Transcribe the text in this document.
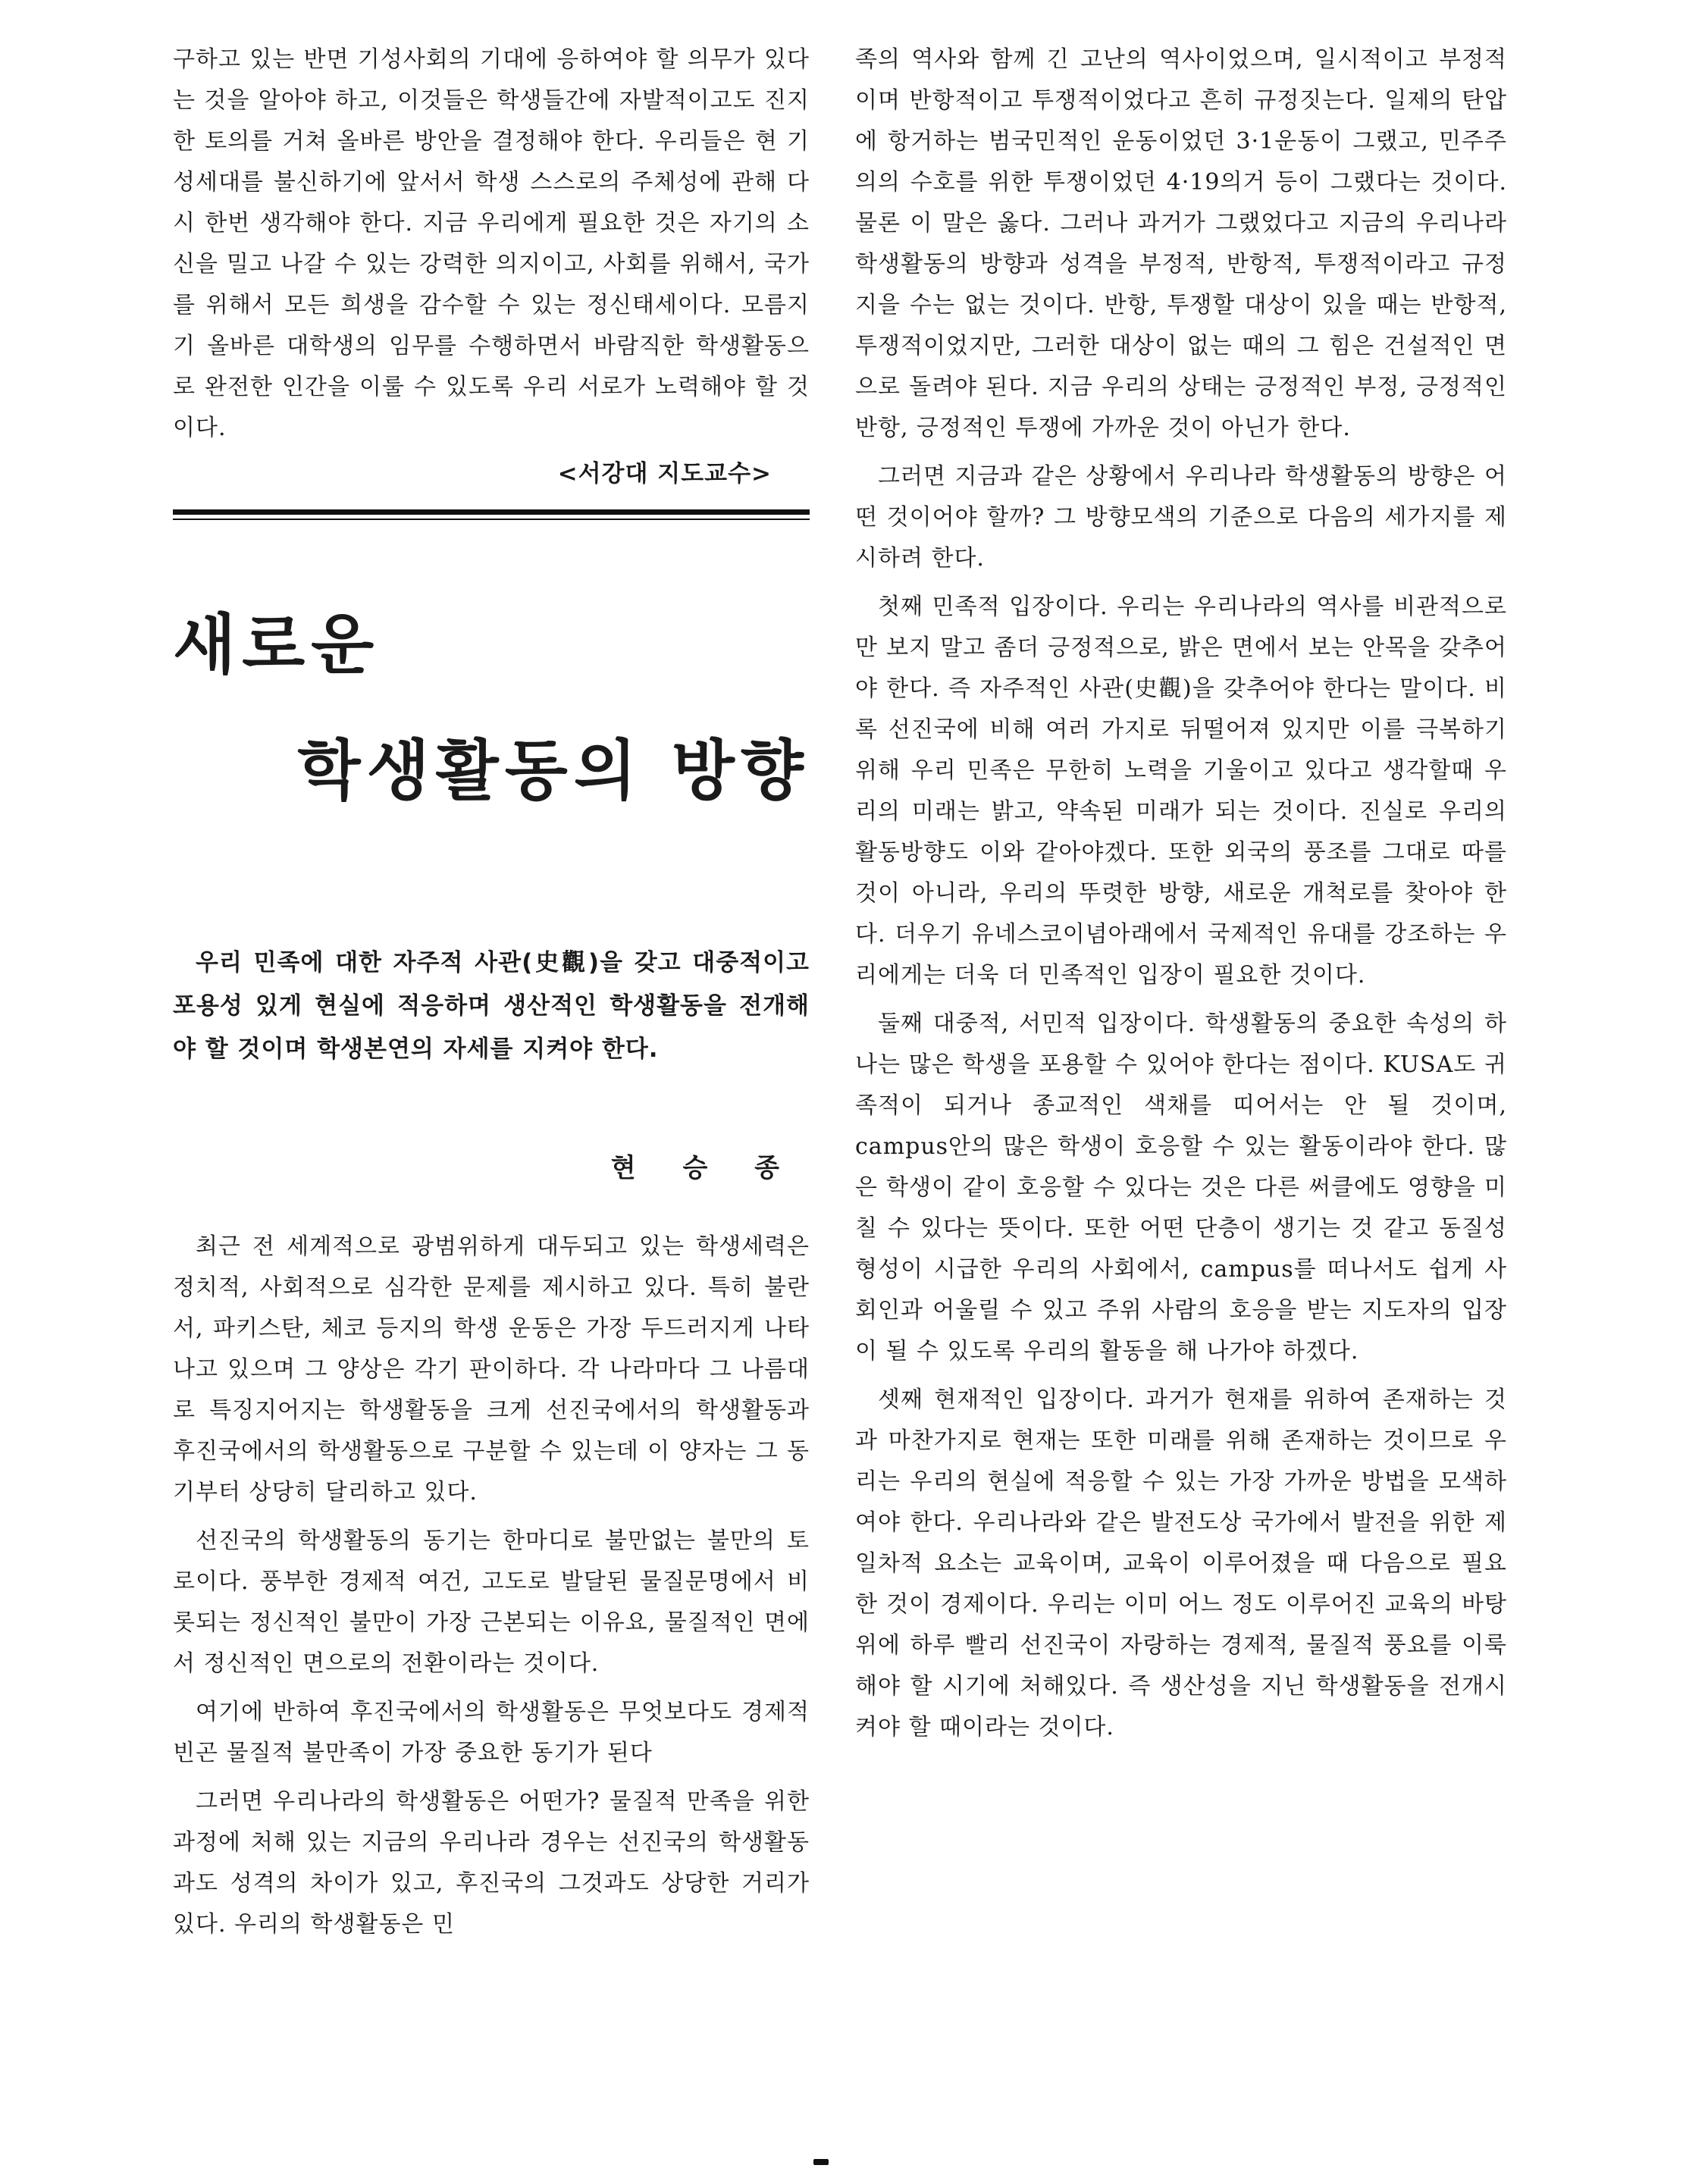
구하고 있는 반면 기성사회의 기대에 응하여야 할 의무가 있다는 것을 알아야 하고, 이것들은 학생들간에 자발적이고도 진지한 토의를 거쳐 올바른 방안을 결정해야 한다. 우리들은 현 기성세대를 불신하기에 앞서서 학생 스스로의 주체성에 관해 다시 한번 생각해야 한다. 지금 우리에게 필요한 것은 자기의 소신을 밀고 나갈 수 있는 강력한 의지이고, 사회를 위해서, 국가를 위해서 모든 희생을 감수할 수 있는 정신태세이다. 모름지기 올바른 대학생의 임무를 수행하면서 바람직한 학생활동으로 완전한 인간을 이룰 수 있도록 우리 서로가 노력해야 할 것이다.

<서강대 지도교수>
새로운
학생활동의 방향

우리 민족에 대한 자주적 사관(史觀)을 갖고 대중적이고 포용성 있게 현실에 적응하며 생산적인 학생활동을 전개해야 할 것이며 학생본연의 자세를 지켜야 한다.

현 승 종

최근 전 세계적으로 광범위하게 대두되고 있는 학생세력은 정치적, 사회적으로 심각한 문제를 제시하고 있다. 특히 불란서, 파키스탄, 체코 등지의 학생 운동은 가장 두드러지게 나타나고 있으며 그 양상은 각기 판이하다. 각 나라마다 그 나름대로 특징지어지는 학생활동을 크게 선진국에서의 학생활동과 후진국에서의 학생활동으로 구분할 수 있는데 이 양자는 그 동기부터 상당히 달리하고 있다.

선진국의 학생활동의 동기는 한마디로 불만없는 불만의 토로이다. 풍부한 경제적 여건, 고도로 발달된 물질문명에서 비롯되는 정신적인 불만이 가장 근본되는 이유요, 물질적인 면에서 정신적인 면으로의 전환이라는 것이다.

여기에 반하여 후진국에서의 학생활동은 무엇보다도 경제적 빈곤 물질적 불만족이 가장 중요한 동기가 된다

그러면 우리나라의 학생활동은 어떤가? 물질적 만족을 위한 과정에 처해 있는 지금의 우리나라 경우는 선진국의 학생활동과도 성격의 차이가 있고, 후진국의 그것과도 상당한 거리가 있다. 우리의 학생활동은 민

족의 역사와 함께 긴 고난의 역사이었으며, 일시적이고 부정적이며 반항적이고 투쟁적이었다고 흔히 규정짓는다. 일제의 탄압에 항거하는 범국민적인 운동이었던 3·1운동이 그랬고, 민주주의의 수호를 위한 투쟁이었던 4·19의거 등이 그랬다는 것이다. 물론 이 말은 옳다. 그러나 과거가 그랬었다고 지금의 우리나라 학생활동의 방향과 성격을 부정적, 반항적, 투쟁적이라고 규정지을 수는 없는 것이다. 반항, 투쟁할 대상이 있을 때는 반항적, 투쟁적이었지만, 그러한 대상이 없는 때의 그 힘은 건설적인 면으로 돌려야 된다. 지금 우리의 상태는 긍정적인 부정, 긍정적인 반항, 긍정적인 투쟁에 가까운 것이 아닌가 한다.

그러면 지금과 같은 상황에서 우리나라 학생활동의 방향은 어떤 것이어야 할까? 그 방향모색의 기준으로 다음의 세가지를 제시하려 한다.

첫째 민족적 입장이다. 우리는 우리나라의 역사를 비관적으로만 보지 말고 좀더 긍정적으로, 밝은 면에서 보는 안목을 갖추어야 한다. 즉 자주적인 사관(史觀)을 갖추어야 한다는 말이다. 비록 선진국에 비해 여러 가지로 뒤떨어져 있지만 이를 극복하기 위해 우리 민족은 무한히 노력을 기울이고 있다고 생각할때 우리의 미래는 밝고, 약속된 미래가 되는 것이다. 진실로 우리의 활동방향도 이와 같아야겠다. 또한 외국의 풍조를 그대로 따를 것이 아니라, 우리의 뚜렷한 방향, 새로운 개척로를 찾아야 한다. 더우기 유네스코이념아래에서 국제적인 유대를 강조하는 우리에게는 더욱 더 민족적인 입장이 필요한 것이다.

둘째 대중적, 서민적 입장이다. 학생활동의 중요한 속성의 하나는 많은 학생을 포용할 수 있어야 한다는 점이다. KUSA도 귀족적이 되거나 종교적인 색채를 띠어서는 안 될 것이며, campus안의 많은 학생이 호응할 수 있는 활동이라야 한다. 많은 학생이 같이 호응할 수 있다는 것은 다른 써클에도 영향을 미칠 수 있다는 뜻이다. 또한 어떤 단층이 생기는 것 같고 동질성 형성이 시급한 우리의 사회에서, campus를 떠나서도 쉽게 사회인과 어울릴 수 있고 주위 사람의 호응을 받는 지도자의 입장이 될 수 있도록 우리의 활동을 해 나가야 하겠다.

셋째 현재적인 입장이다. 과거가 현재를 위하여 존재하는 것과 마찬가지로 현재는 또한 미래를 위해 존재하는 것이므로 우리는 우리의 현실에 적응할 수 있는 가장 가까운 방법을 모색하여야 한다. 우리나라와 같은 발전도상 국가에서 발전을 위한 제일차적 요소는 교육이며, 교육이 이루어졌을 때 다음으로 필요한 것이 경제이다. 우리는 이미 어느 정도 이루어진 교육의 바탕위에 하루 빨리 선진국이 자랑하는 경제적, 물질적 풍요를 이룩해야 할 시기에 처해있다. 즉 생산성을 지닌 학생활동을 전개시켜야 할 때이라는 것이다.
